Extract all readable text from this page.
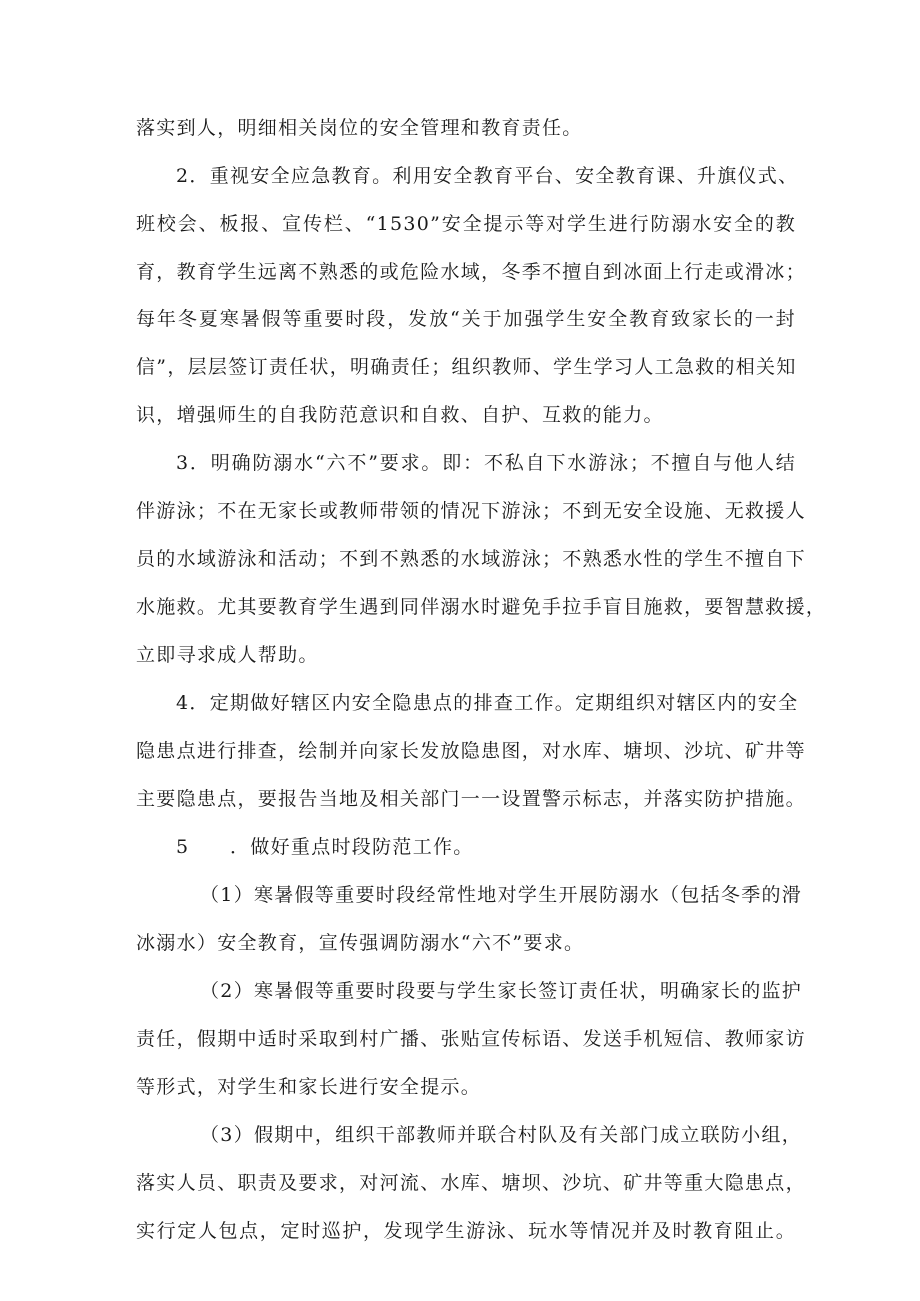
落实到人，明细相关岗位的安全管理和教育责任。
2．重视安全应急教育。利用安全教育平台、安全教育课、升旗仪式、
班校会、板报、宣传栏、“1530”安全提示等对学生进行防溺水安全的教
育，教育学生远离不熟悉的或危险水域，冬季不擅自到冰面上行走或滑冰；
每年冬夏寒暑假等重要时段，发放“关于加强学生安全教育致家长的一封
信”，层层签订责任状，明确责任；组织教师、学生学习人工急救的相关知
识，增强师生的自我防范意识和自救、自护、互救的能力。
3．明确防溺水“六不”要求。即：不私自下水游泳；不擅自与他人结
伴游泳；不在无家长或教师带领的情况下游泳；不到无安全设施、无救援人
员的水域游泳和活动；不到不熟悉的水域游泳；不熟悉水性的学生不擅自下
水施救。尤其要教育学生遇到同伴溺水时避免手拉手盲目施救，要智慧救援，
立即寻求成人帮助。
4．定期做好辖区内安全隐患点的排查工作。定期组织对辖区内的安全
隐患点进行排查，绘制并向家长发放隐患图，对水库、塘坝、沙坑、矿井等
主要隐患点，要报告当地及相关部门一一设置警示标志，并落实防护措施。
5 ．做好重点时段防范工作。
（1）寒暑假等重要时段经常性地对学生开展防溺水（包括冬季的滑
冰溺水）安全教育，宣传强调防溺水“六不”要求。
（2）寒暑假等重要时段要与学生家长签订责任状，明确家长的监护
责任，假期中适时采取到村广播、张贴宣传标语、发送手机短信、教师家访
等形式，对学生和家长进行安全提示。
（3）假期中，组织干部教师并联合村队及有关部门成立联防小组，
落实人员、职责及要求，对河流、水库、塘坝、沙坑、矿井等重大隐患点，
实行定人包点，定时巡护，发现学生游泳、玩水等情况并及时教育阻止。
